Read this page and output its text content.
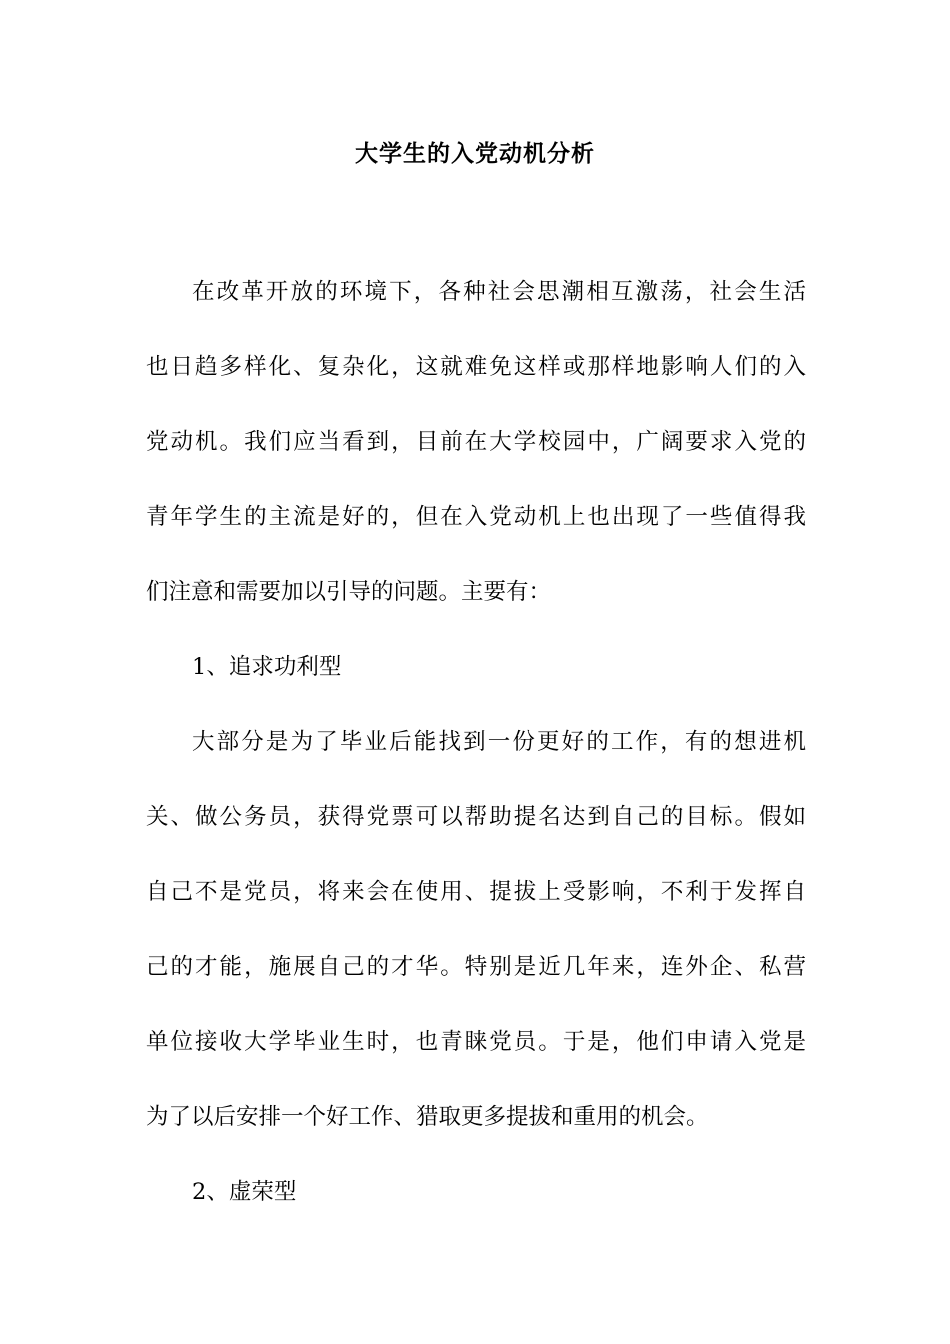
大学生的入党动机分析
在改革开放的环境下，各种社会思潮相互激荡，社会生活
也日趋多样化、复杂化，这就难免这样或那样地影响人们的入
党动机。我们应当看到，目前在大学校园中，广阔要求入党的
青年学生的主流是好的，但在入党动机上也出现了一些值得我
们注意和需要加以引导的问题。主要有：
1、追求功利型
大部分是为了毕业后能找到一份更好的工作，有的想进机
关、做公务员，获得党票可以帮助提名达到自己的目标。假如
自己不是党员，将来会在使用、提拔上受影响，不利于发挥自
己的才能，施展自己的才华。特别是近几年来，连外企、私营
单位接收大学毕业生时，也青睐党员。于是，他们申请入党是
为了以后安排一个好工作、猎取更多提拔和重用的机会。
2、虚荣型
